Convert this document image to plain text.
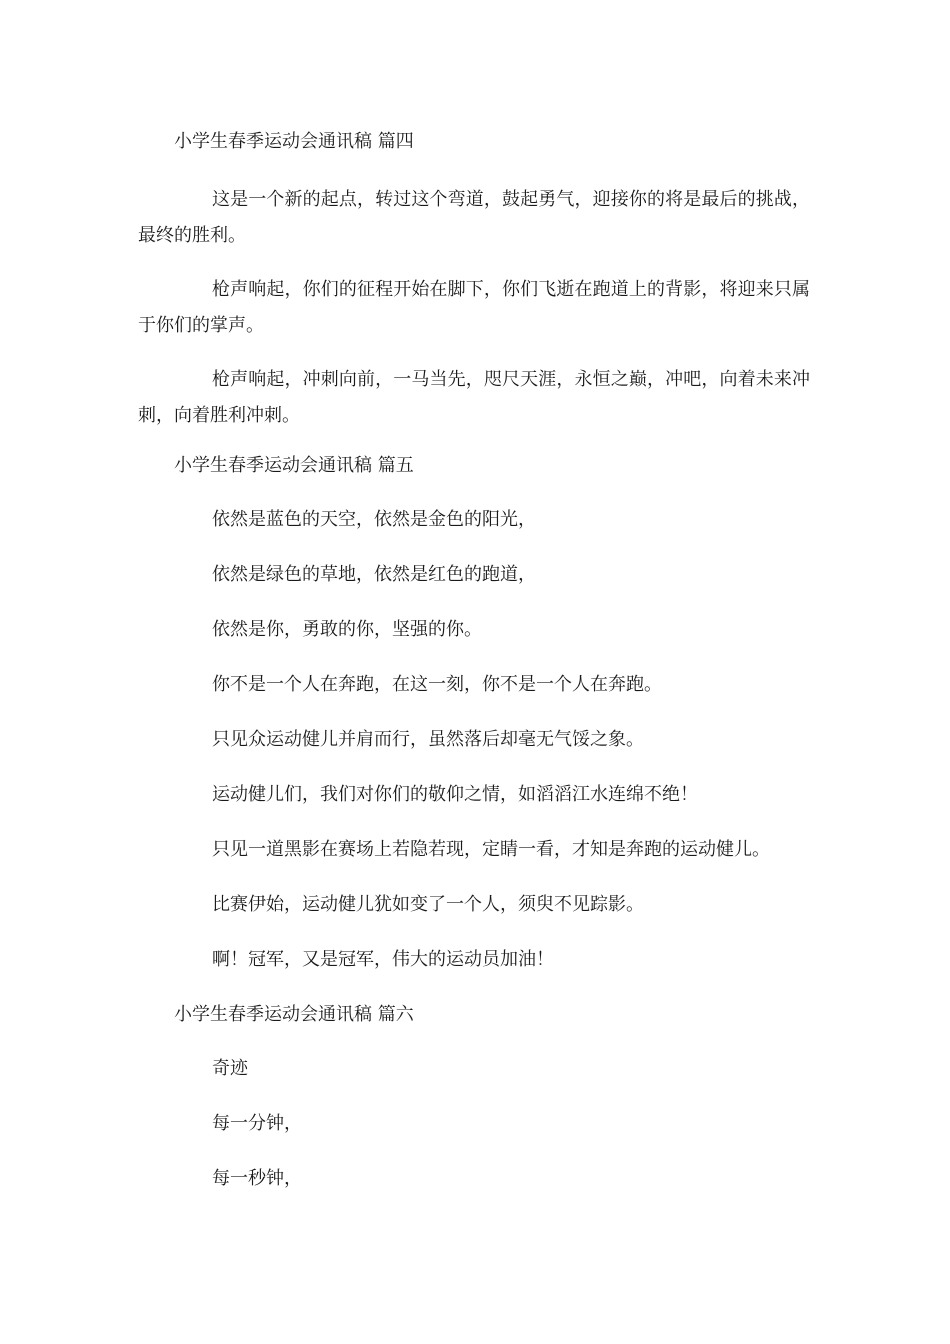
小学生春季运动会通讯稿 篇四

这是一个新的起点，转过这个弯道，鼓起勇气，迎接你的将是最后的挑战，最终的胜利。

枪声响起，你们的征程开始在脚下，你们飞逝在跑道上的背影，将迎来只属于你们的掌声。

枪声响起，冲刺向前，一马当先，咫尺天涯，永恒之巅，冲吧，向着未来冲刺，向着胜利冲刺。

小学生春季运动会通讯稿 篇五
依然是蓝色的天空，依然是金色的阳光，
依然是绿色的草地，依然是红色的跑道，
依然是你，勇敢的你，坚强的你。
你不是一个人在奔跑，在这一刻，你不是一个人在奔跑。
只见众运动健儿并肩而行，虽然落后却毫无气馁之象。
运动健儿们，我们对你们的敬仰之情，如滔滔江水连绵不绝！
只见一道黑影在赛场上若隐若现，定睛一看，才知是奔跑的运动健儿。
比赛伊始，运动健儿犹如变了一个人，须臾不见踪影。
啊！冠军，又是冠军，伟大的运动员加油！
小学生春季运动会通讯稿 篇六
奇迹
每一分钟，
每一秒钟，
